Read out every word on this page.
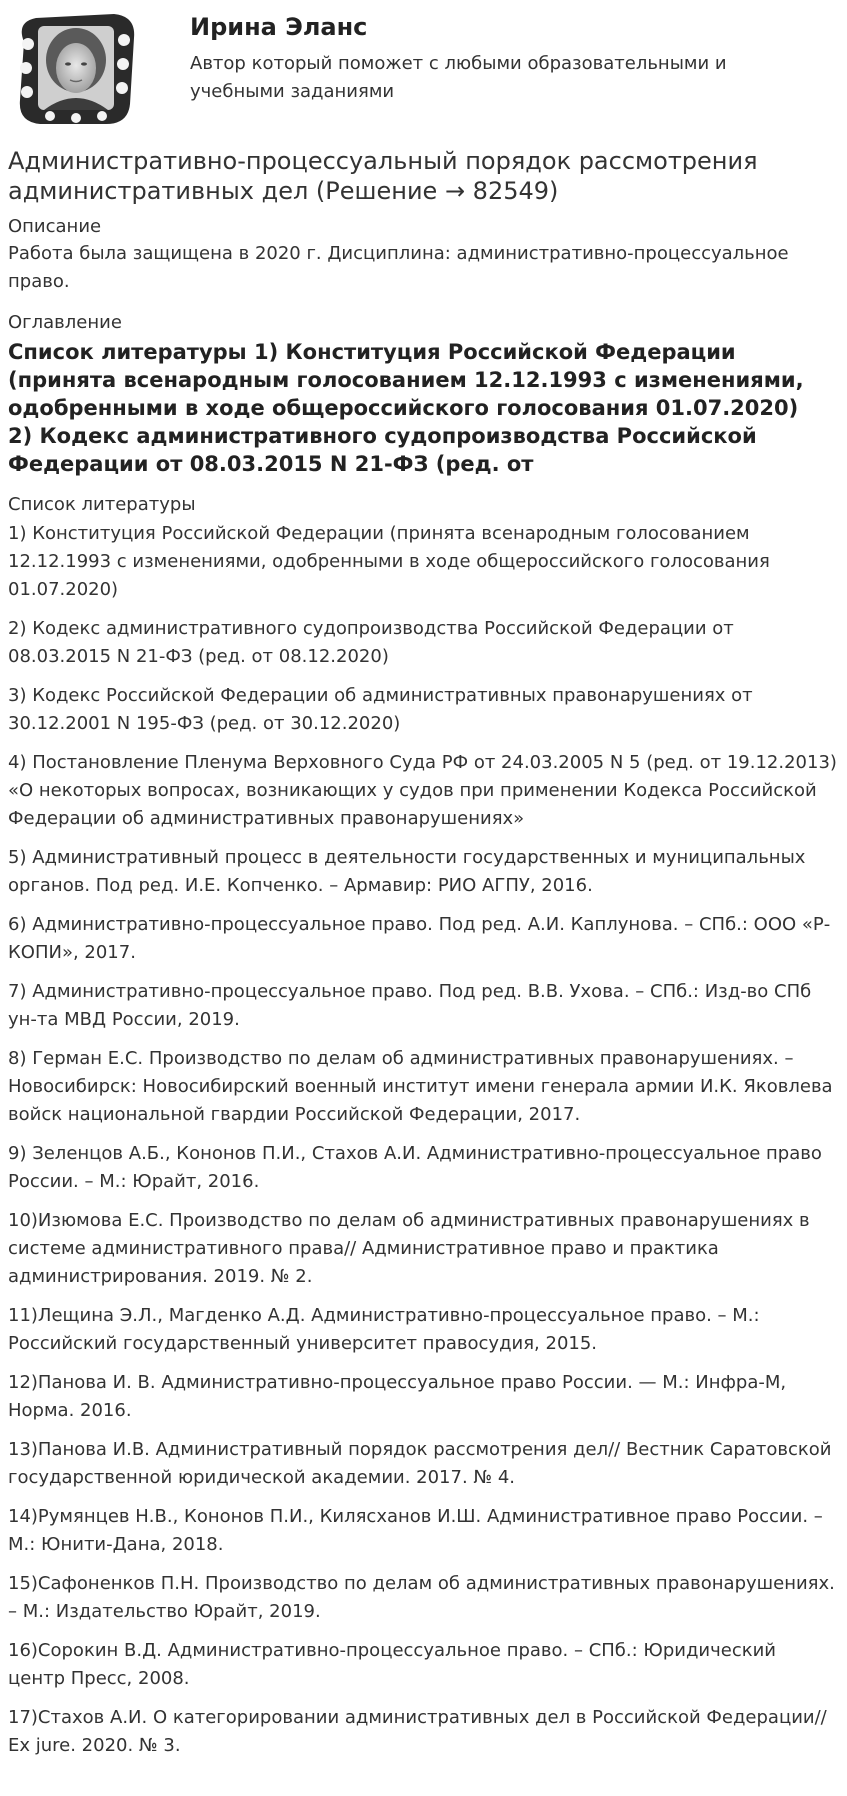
Ирина Эланс
Автор который поможет с любыми образовательными и учебными заданиями
Административно-процессуальный порядок рассмотрения административных дел (Решение → 82549)
Описание
Работа была защищена в 2020 г. Дисциплина: административно-процессуальное право.
Оглавление
Список литературы 1) Конституция Российской Федерации (принята всенародным голосованием 12.12.1993 с изменениями, одобренными в ходе общероссийского голосования 01.07.2020) 2) Кодекс административного судопроизводства Российской Федерации от 08.03.2015 N 21-ФЗ (ред. от
Список литературы
1) Конституция Российской Федерации (принята всенародным голосованием 12.12.1993 с изменениями, одобренными в ходе общероссийского голосования 01.07.2020)
2) Кодекс административного судопроизводства Российской Федерации от 08.03.2015 N 21-ФЗ (ред. от 08.12.2020)
3) Кодекс Российской Федерации об административных правонарушениях от 30.12.2001 N 195-ФЗ (ред. от 30.12.2020)
4) Постановление Пленума Верховного Суда РФ от 24.03.2005 N 5 (ред. от 19.12.2013) «О некоторых вопросах, возникающих у судов при применении Кодекса Российской Федерации об административных правонарушениях»
5) Административный процесс в деятельности государственных и муниципальных органов. Под ред. И.Е. Копченко. – Армавир: РИО АГПУ, 2016.
6) Административно-процессуальное право. Под ред. А.И. Каплунова. – СПб.: ООО «Р-КОПИ», 2017.
7) Административно-процессуальное право. Под ред. В.В. Ухова. – СПб.: Изд-во СПб ун-та МВД России, 2019.
8) Герман Е.С. Производство по делам об административных правонарушениях. – Новосибирск: Новосибирский военный институт имени генерала армии И.К. Яковлева войск национальной гвардии Российской Федерации, 2017.
9) Зеленцов А.Б., Кононов П.И., Стахов А.И. Административно-процессуальное право России. – М.: Юрайт, 2016.
10)Изюмова Е.С. Производство по делам об административных правонарушениях в системе административного права// Административное право и практика администрирования. 2019. № 2.
11)Лещина Э.Л., Магденко А.Д. Административно-процессуальное право. – М.: Российский государственный университет правосудия, 2015.
12)Панова И. В. Административно-процессуальное право России. — М.: Инфра-М, Норма. 2016.
13)Панова И.В. Административный порядок рассмотрения дел// Вестник Саратовской государственной юридической академии. 2017. № 4.
14)Румянцев Н.В., Кононов П.И., Килясханов И.Ш. Административное право России. – М.: Юнити-Дана, 2018.
15)Сафоненков П.Н. Производство по делам об административных правонарушениях. – М.: Издательство Юрайт, 2019.
16)Сорокин В.Д. Административно-процессуальное право. – СПб.: Юридический центр Пресс, 2008.
17)Стахов А.И. О категорировании административных дел в Российской Федерации// Ex jure. 2020. № 3.
